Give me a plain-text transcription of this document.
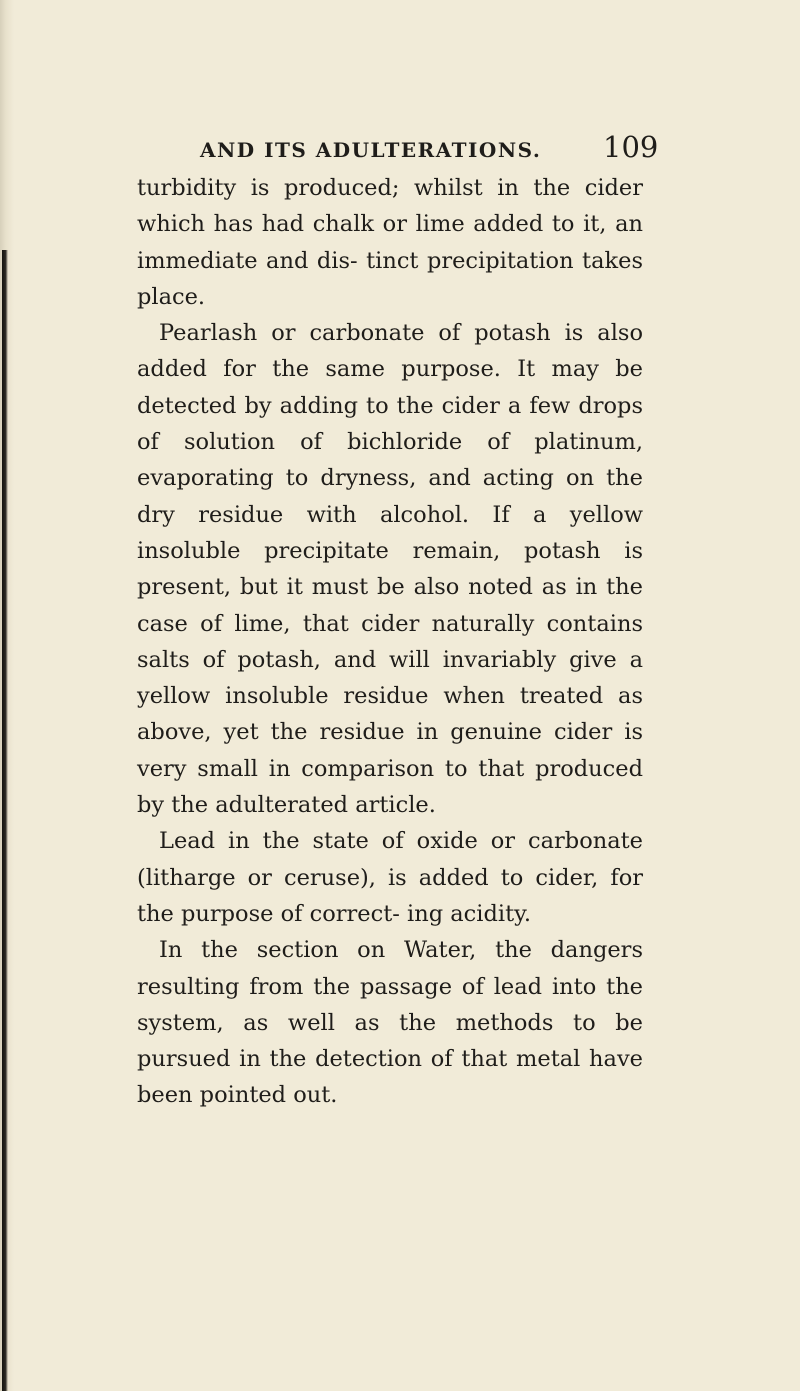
AND ITS ADULTERATIONS. 109

turbidity is produced; whilst in the cider which has had chalk or lime added to it, an immediate and dis- tinct precipitation takes place.

Pearlash or carbonate of potash is also added for the same purpose. It may be detected by adding to the cider a few drops of solution of bichloride of platinum, evaporating to dryness, and acting on the dry residue with alcohol. If a yellow insoluble precipitate remain, potash is present, but it must be also noted as in the case of lime, that cider naturally contains salts of potash, and will invariably give a yellow insoluble residue when treated as above, yet the residue in genuine cider is very small in comparison to that produced by the adulterated article.

Lead in the state of oxide or carbonate (litharge or ceruse), is added to cider, for the purpose of correct- ing acidity.

In the section on Water, the dangers resulting from the passage of lead into the system, as well as the methods to be pursued in the detection of that metal have been pointed out.
